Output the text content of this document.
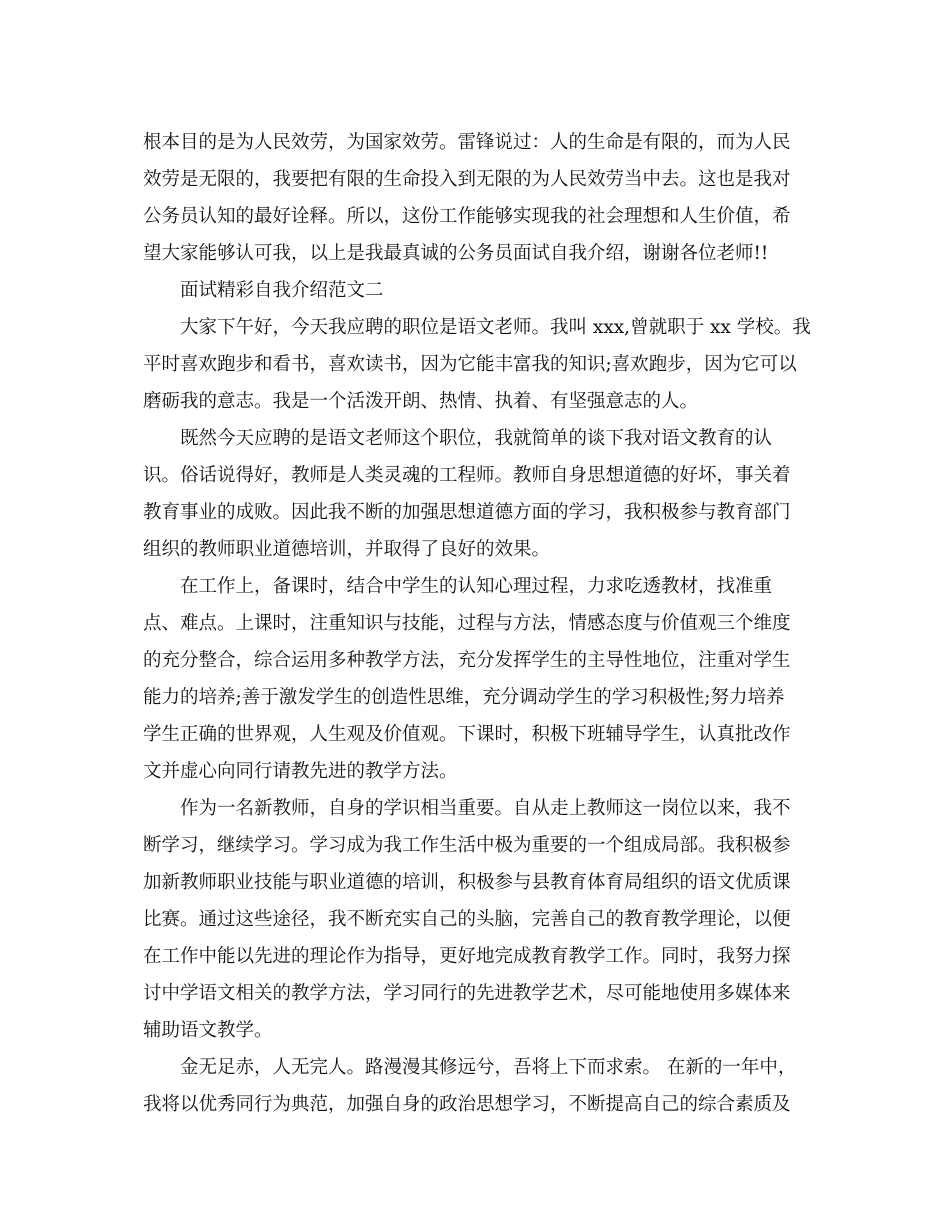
根本目的是为人民效劳，为国家效劳。雷锋说过：人的生命是有限的，而为人民
效劳是无限的，我要把有限的生命投入到无限的为人民效劳当中去。这也是我对
公务员认知的最好诠释。所以，这份工作能够实现我的社会理想和人生价值，希
望大家能够认可我，以上是我最真诚的公务员面试自我介绍，谢谢各位老师!!
面试精彩自我介绍范文二
大家下午好，今天我应聘的职位是语文老师。我叫 xxx,曾就职于 xx 学校。我
平时喜欢跑步和看书，喜欢读书，因为它能丰富我的知识;喜欢跑步，因为它可以
磨砺我的意志。我是一个活泼开朗、热情、执着、有坚强意志的人。
既然今天应聘的是语文老师这个职位，我就简单的谈下我对语文教育的认
识。俗话说得好，教师是人类灵魂的工程师。教师自身思想道德的好坏，事关着
教育事业的成败。因此我不断的加强思想道德方面的学习，我积极参与教育部门
组织的教师职业道德培训，并取得了良好的效果。
在工作上，备课时，结合中学生的认知心理过程，力求吃透教材，找准重
点、难点。上课时，注重知识与技能，过程与方法，情感态度与价值观三个维度
的充分整合，综合运用多种教学方法，充分发挥学生的主导性地位，注重对学生
能力的培养;善于激发学生的创造性思维，充分调动学生的学习积极性;努力培养
学生正确的世界观，人生观及价值观。下课时，积极下班辅导学生，认真批改作
文并虚心向同行请教先进的教学方法。
作为一名新教师，自身的学识相当重要。自从走上教师这一岗位以来，我不
断学习，继续学习。学习成为我工作生活中极为重要的一个组成局部。我积极参
加新教师职业技能与职业道德的培训，积极参与县教育体育局组织的语文优质课
比赛。通过这些途径，我不断充实自己的头脑，完善自己的教育教学理论，以便
在工作中能以先进的理论作为指导，更好地完成教育教学工作。同时，我努力探
讨中学语文相关的教学方法，学习同行的先进教学艺术，尽可能地使用多媒体来
辅助语文教学。
金无足赤，人无完人。路漫漫其修远兮，吾将上下而求索。 在新的一年中，
我将以优秀同行为典范，加强自身的政治思想学习，不断提高自己的综合素质及
